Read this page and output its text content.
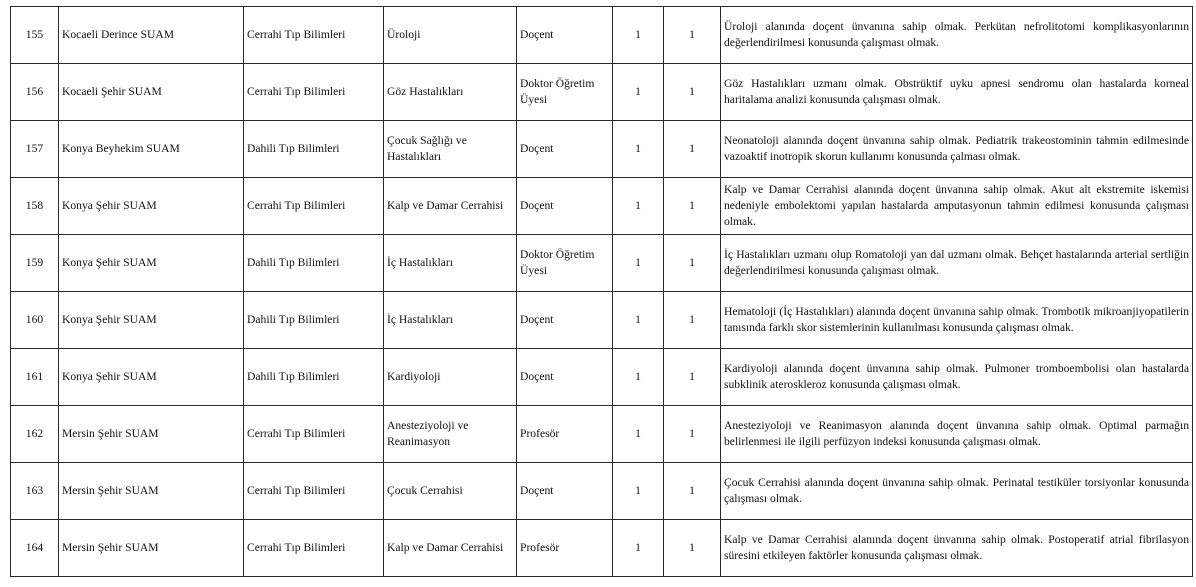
155	Kocaeli Derince SUAM	Cerrahi Tıp Bilimleri	Üroloji	Doçent	1	1	Üroloji alanında doçent ünvanına sahip olmak. Perkütan nefrolitotomi komplikasyonlarının değerlendirilmesi konusunda çalışması olmak.
156	Kocaeli Şehir SUAM	Cerrahi Tıp Bilimleri	Göz Hastalıkları	Doktor Öğretim Üyesi	1	1	Göz Hastalıkları uzmanı olmak. Obstrüktif uyku apnesi sendromu olan hastalarda korneal haritalama analizi konusunda çalışması olmak.
157	Konya Beyhekim SUAM	Dahili Tıp Bilimleri	Çocuk Sağlığı ve Hastalıkları	Doçent	1	1	Neonatoloji alanında doçent ünvanına sahip olmak. Pediatrik trakeostominin tahmin edilmesinde vazoaktif inotropik skorun kullanımı konusunda çalması olmak.
158	Konya Şehir SUAM	Cerrahi Tıp Bilimleri	Kalp ve Damar Cerrahisi	Doçent	1	1	Kalp ve Damar Cerrahisi alanında doçent ünvanına sahip olmak. Akut alt ekstremite iskemisi nedeniyle embolektomi yapılan hastalarda amputasyonun tahmin edilmesi konusunda çalışması olmak.
159	Konya Şehir SUAM	Dahili Tıp Bilimleri	İç Hastalıkları	Doktor Öğretim Üyesi	1	1	İç Hastalıkları uzmanı olup Romatoloji yan dal uzmanı olmak. Behçet hastalarında arterial sertliğin değerlendirilmesi konusunda çalışması olmak.
160	Konya Şehir SUAM	Dahili Tıp Bilimleri	İç Hastalıkları	Doçent	1	1	Hematoloji (İç Hastalıkları) alanında doçent ünvanına sahip olmak. Trombotik mikroanjiyopatilerin tanısında farklı skor sistemlerinin kullanılması konusunda çalışması olmak.
161	Konya Şehir SUAM	Dahili Tıp Bilimleri	Kardiyoloji	Doçent	1	1	Kardiyoloji alanında doçent ünvanına sahip olmak. Pulmoner tromboembolisi olan hastalarda subklinik ateroskleroz konusunda çalışması olmak.
162	Mersin Şehir SUAM	Cerrahi Tıp Bilimleri	Anesteziyoloji ve Reanimasyon	Profesör	1	1	Anesteziyoloji ve Reanimasyon alanında doçent ünvanına sahip olmak. Optimal parmağın belirlenmesi ile ilgili perfüzyon indeksi konusunda çalışması olmak.
163	Mersin Şehir SUAM	Cerrahi Tıp Bilimleri	Çocuk Cerrahisi	Doçent	1	1	Çocuk Cerrahisi alanında doçent ünvanına sahip olmak. Perinatal testiküler torsiyonlar konusunda çalışması olmak.
164	Mersin Şehir SUAM	Cerrahi Tıp Bilimleri	Kalp ve Damar Cerrahisi	Profesör	1	1	Kalp ve Damar Cerrahisi alanında doçent ünvanına sahip olmak. Postoperatif atrial fibrilasyon süresini etkileyen faktörler konusunda çalışması olmak.
